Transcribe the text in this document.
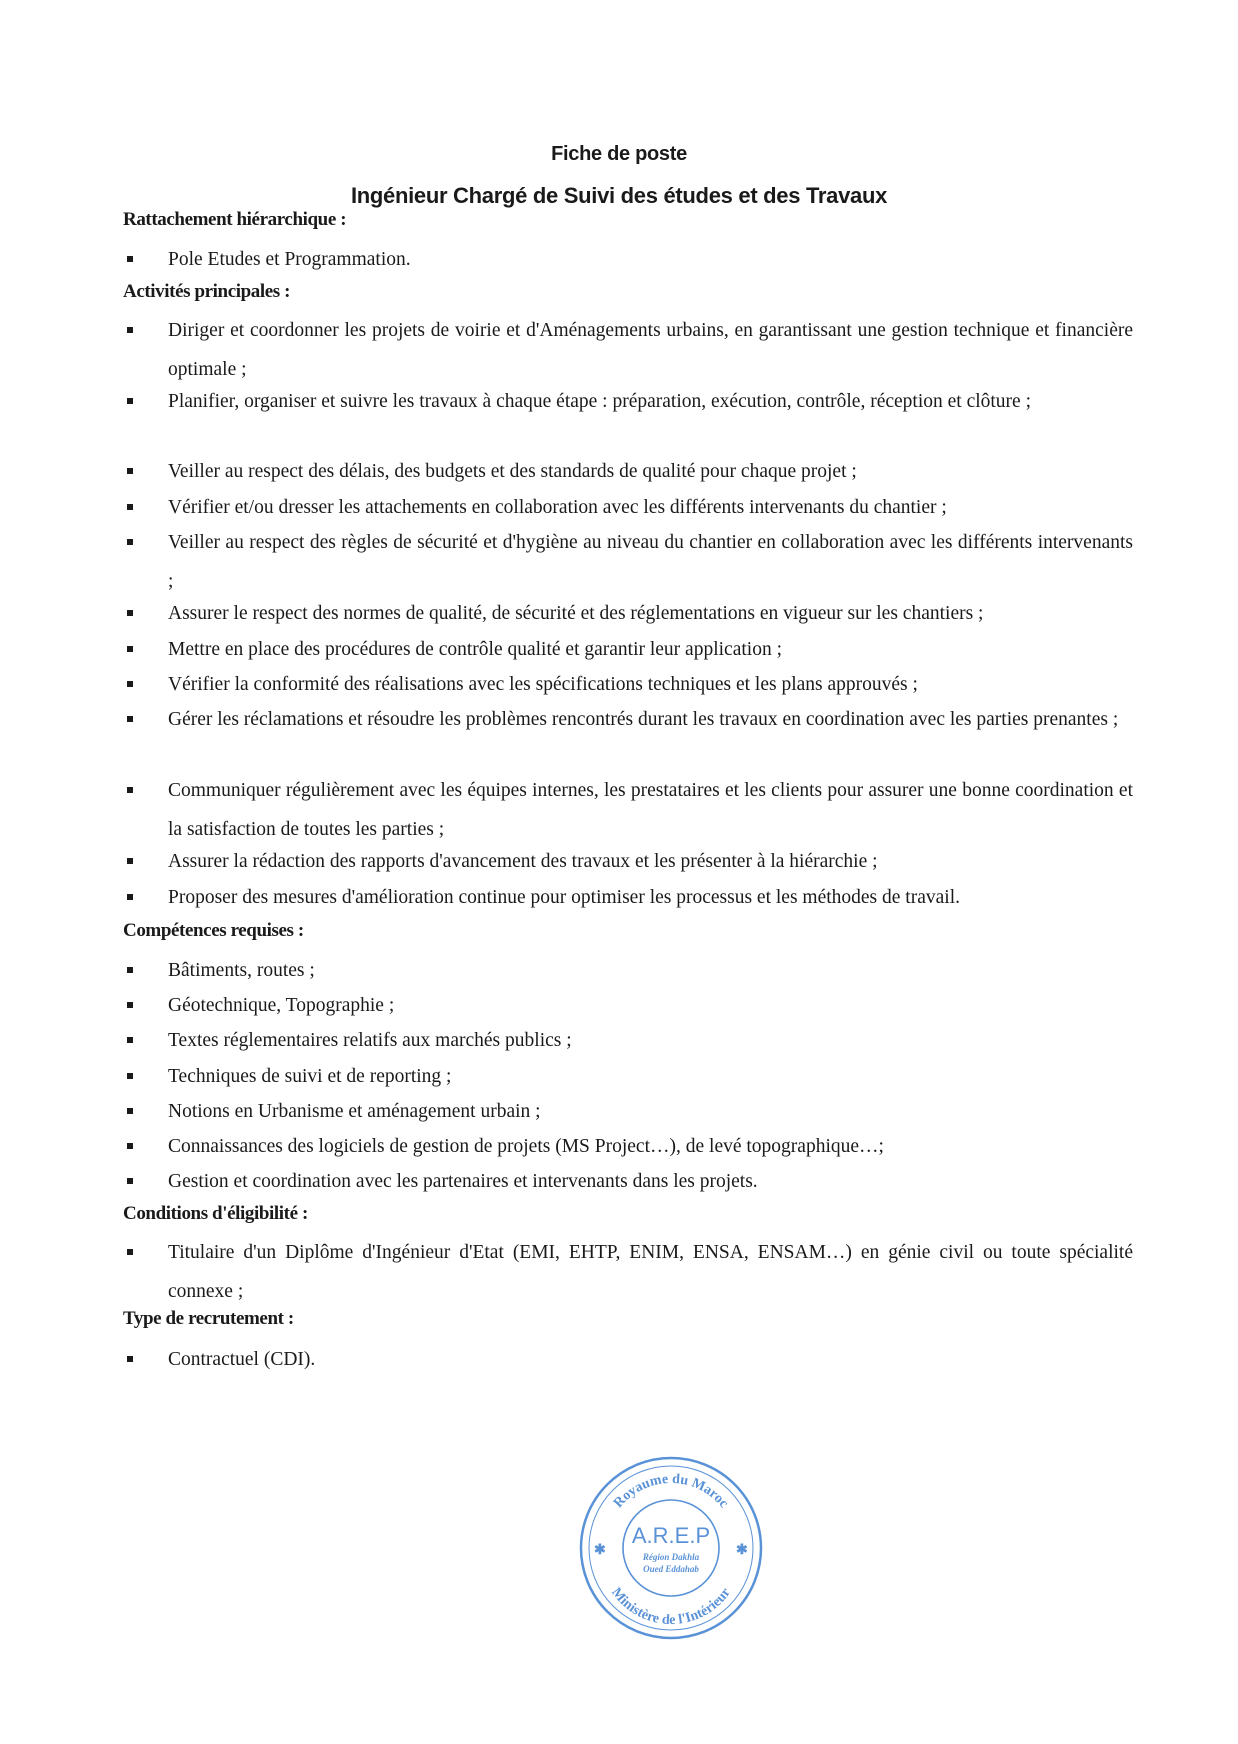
Fiche de poste
Ingénieur Chargé de Suivi des études et des Travaux
Rattachement hiérarchique :
Pole Etudes et Programmation.
Activités principales :
Diriger et coordonner les projets de voirie et d'Aménagements urbains, en garantissant une gestion technique et financière optimale ;
Planifier, organiser et suivre les travaux à chaque étape : préparation, exécution, contrôle, réception et clôture ;
Veiller au respect des délais, des budgets et des standards de qualité pour chaque projet ;
Vérifier et/ou dresser les attachements en collaboration avec les différents intervenants du chantier ;
Veiller au respect des règles de sécurité et d'hygiène au niveau du chantier en collaboration avec les différents intervenants ;
Assurer le respect des normes de qualité, de sécurité et des réglementations en vigueur sur les chantiers ;
Mettre en place des procédures de contrôle qualité et garantir leur application ;
Vérifier la conformité des réalisations avec les spécifications techniques et les plans approuvés ;
Gérer les réclamations et résoudre les problèmes rencontrés durant les travaux en coordination avec les parties prenantes ;
Communiquer régulièrement avec les équipes internes, les prestataires et les clients pour assurer une bonne coordination et la satisfaction de toutes les parties ;
Assurer la rédaction des rapports d'avancement des travaux et les présenter à la hiérarchie ;
Proposer des mesures d'amélioration continue pour optimiser les processus et les méthodes de travail.
Compétences requises :
Bâtiments, routes ;
Géotechnique, Topographie ;
Textes réglementaires relatifs aux marchés publics ;
Techniques de suivi et de reporting ;
Notions en Urbanisme et aménagement urbain ;
Connaissances des logiciels de gestion de projets (MS Project…), de levé topographique…;
Gestion et coordination avec les partenaires et intervenants dans les projets.
Conditions d'éligibilité :
Titulaire d'un Diplôme d'Ingénieur d'Etat (EMI, EHTP, ENIM, ENSA, ENSAM…) en génie civil ou toute spécialité connexe ;
Type de recrutement :
Contractuel (CDI).
Royaume du Maroc
Ministère de l'Intérieur
✱	✱
A.R.E.P
Région Dakhla
Oued Eddahab
